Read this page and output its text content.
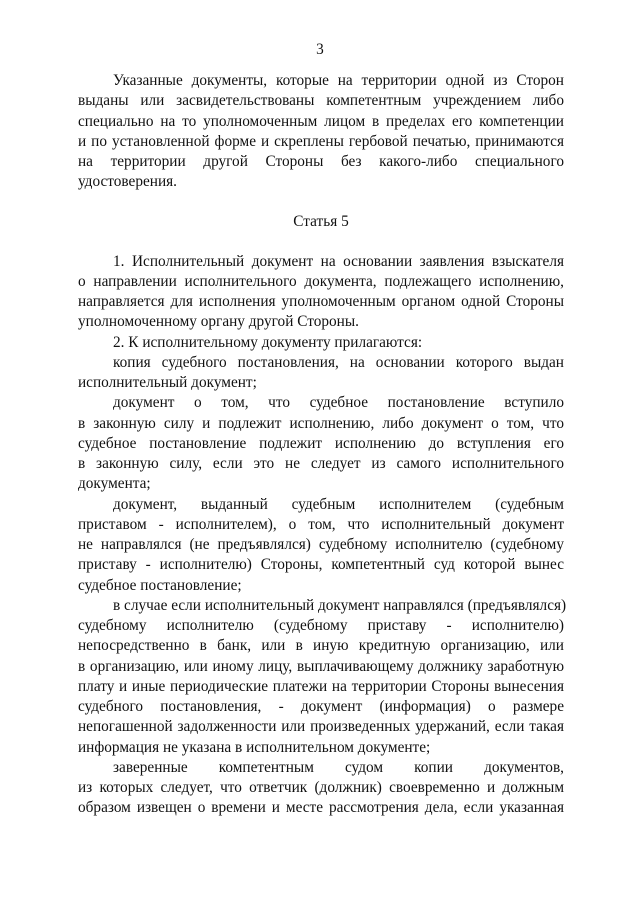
3
Указанные документы, которые на территории одной из Сторон
выданы или засвидетельствованы компетентным учреждением либо
специально на то уполномоченным лицом в пределах его компетенции
и по установленной форме и скреплены гербовой печатью, принимаются
на территории другой Стороны без какого-либо специального
удостоверения.
Статья 5
1. Исполнительный документ на основании заявления взыскателя
о направлении исполнительного документа, подлежащего исполнению,
направляется для исполнения уполномоченным органом одной Стороны
уполномоченному органу другой Стороны.
2. К исполнительному документу прилагаются:
копия судебного постановления, на основании которого выдан
исполнительный документ;
документ о том, что судебное постановление вступило
в законную силу и подлежит исполнению, либо документ о том, что
судебное постановление подлежит исполнению до вступления его
в законную силу, если это не следует из самого исполнительного
документа;
документ, выданный судебным исполнителем (судебным
приставом - исполнителем), о том, что исполнительный документ
не направлялся (не предъявлялся) судебному исполнителю (судебному
приставу - исполнителю) Стороны, компетентный суд которой вынес
судебное постановление;
в случае если исполнительный документ направлялся (предъявлялся)
судебному исполнителю (судебному приставу - исполнителю)
непосредственно в банк, или в иную кредитную организацию, или
в организацию, или иному лицу, выплачивающему должнику заработную
плату и иные периодические платежи на территории Стороны вынесения
судебного постановления, - документ (информация) о размере
непогашенной задолженности или произведенных удержаний, если такая
информация не указана в исполнительном документе;
заверенные компетентным судом копии документов,
из которых следует, что ответчик (должник) своевременно и должным
образом извещен о времени и месте рассмотрения дела, если указанная
